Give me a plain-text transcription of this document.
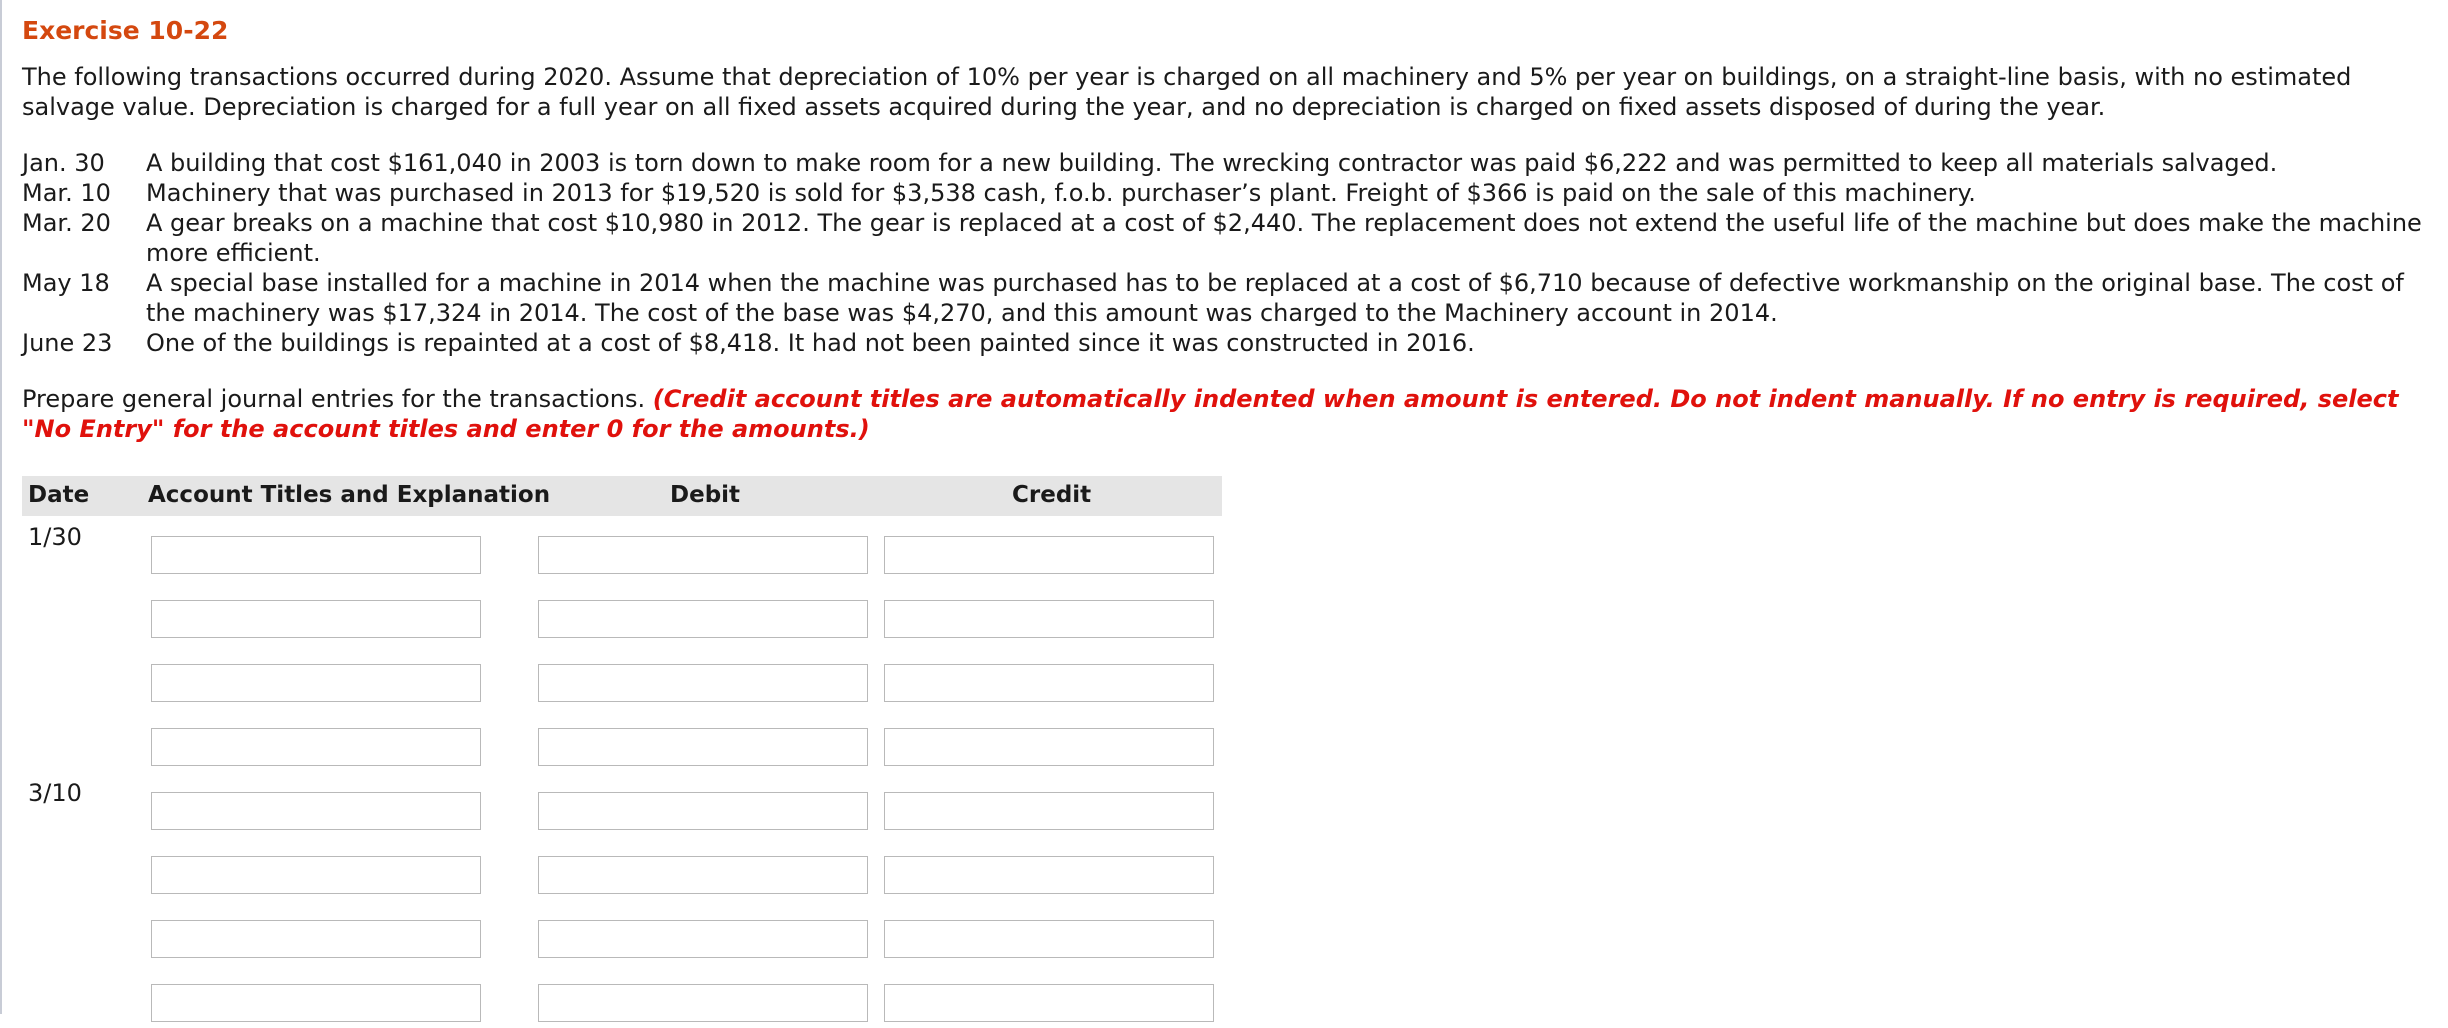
Exercise 10-22
The following transactions occurred during 2020. Assume that depreciation of 10% per year is charged on all machinery and 5% per year on buildings, on a straight-line basis, with no estimated salvage value. Depreciation is charged for a full year on all fixed assets acquired during the year, and no depreciation is charged on fixed assets disposed of during the year.
Jan. 30	A building that cost $161,040 in 2003 is torn down to make room for a new building. The wrecking contractor was paid $6,222 and was permitted to keep all materials salvaged.
Mar. 10	Machinery that was purchased in 2013 for $19,520 is sold for $3,538 cash, f.o.b. purchaser’s plant. Freight of $366 is paid on the sale of this machinery.
Mar. 20	A gear breaks on a machine that cost $10,980 in 2012. The gear is replaced at a cost of $2,440. The replacement does not extend the useful life of the machine but does make the machine more efficient.
May 18	A special base installed for a machine in 2014 when the machine was purchased has to be replaced at a cost of $6,710 because of defective workmanship on the original base. The cost of the machinery was $17,324 in 2014. The cost of the base was $4,270, and this amount was charged to the Machinery account in 2014.
June 23	One of the buildings is repainted at a cost of $8,418. It had not been painted since it was constructed in 2016.
Prepare general journal entries for the transactions. (Credit account titles are automatically indented when amount is entered. Do not indent manually. If no entry is required, select "No Entry" for the account titles and enter 0 for the amounts.)
Date	Account Titles and Explanation	Debit	Credit
1/30
3/10
